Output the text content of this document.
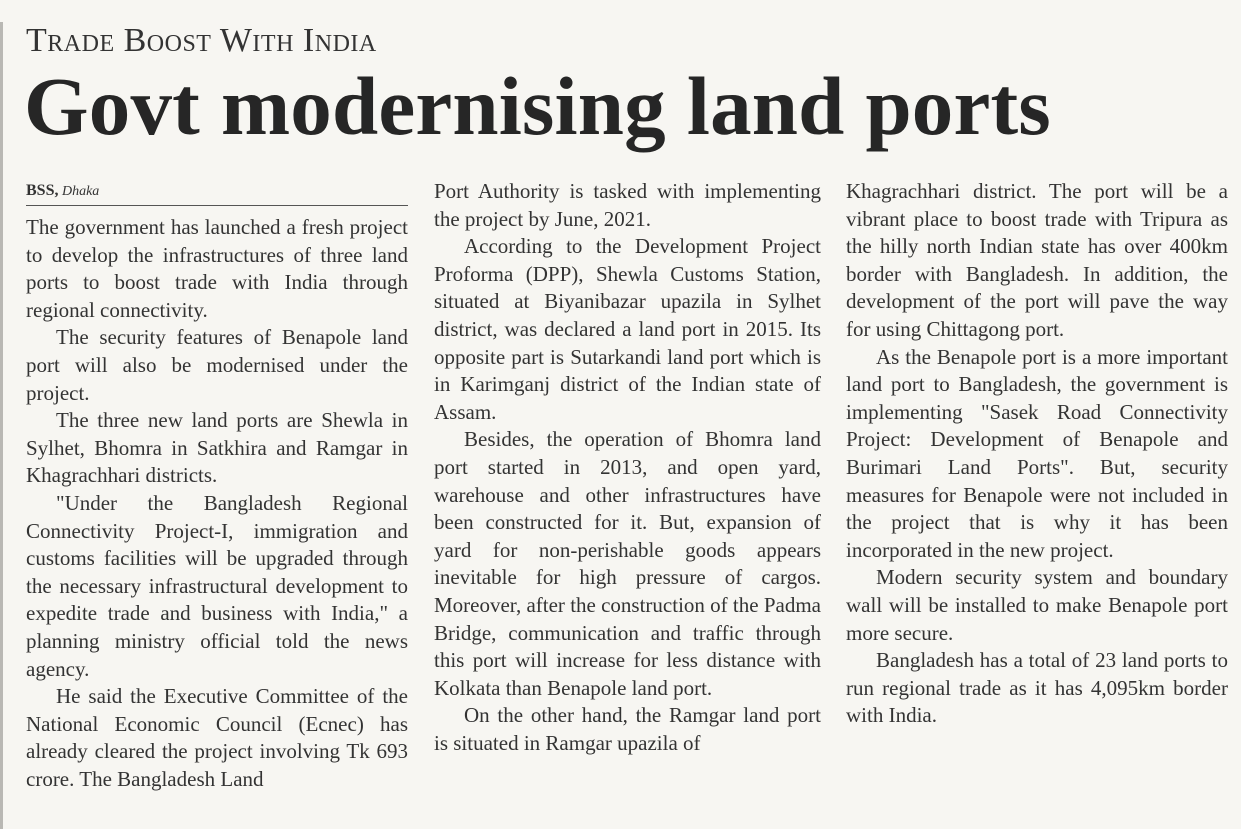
Trade Boost With India
Govt modernising land ports
BSS, Dhaka

The government has launched a fresh project to develop the infrastructures of three land ports to boost trade with India through regional connectivity.

The security features of Benapole land port will also be modernised under the project.

The three new land ports are Shewla in Sylhet, Bhomra in Satkhira and Ramgar in Khagrachhari districts.

"Under the Bangladesh Regional Connectivity Project-I, immigration and customs facilities will be upgraded through the necessary infrastructural development to expedite trade and business with India," a planning ministry official told the news agency.

He said the Executive Committee of the National Economic Council (Ecnec) has already cleared the project involving Tk 693 crore. The Bangladesh Land

Port Authority is tasked with implementing the project by June, 2021.

According to the Development Project Proforma (DPP), Shewla Customs Station, situated at Biyanibazar upazila in Sylhet district, was declared a land port in 2015. Its opposite part is Sutarkandi land port which is in Karimganj district of the Indian state of Assam.

Besides, the operation of Bhomra land port started in 2013, and open yard, warehouse and other infrastructures have been constructed for it. But, expansion of yard for non-perishable goods appears inevitable for high pressure of cargos. Moreover, after the construction of the Padma Bridge, communication and traffic through this port will increase for less distance with Kolkata than Benapole land port.

On the other hand, the Ramgar land port is situated in Ramgar upazila of

Khagrachhari district. The port will be a vibrant place to boost trade with Tripura as the hilly north Indian state has over 400km border with Bangladesh. In addition, the development of the port will pave the way for using Chittagong port.

As the Benapole port is a more important land port to Bangladesh, the government is implementing "Sasek Road Connectivity Project: Development of Benapole and Burimari Land Ports". But, security measures for Benapole were not included in the project that is why it has been incorporated in the new project.

Modern security system and boundary wall will be installed to make Benapole port more secure.

Bangladesh has a total of 23 land ports to run regional trade as it has 4,095km border with India.
